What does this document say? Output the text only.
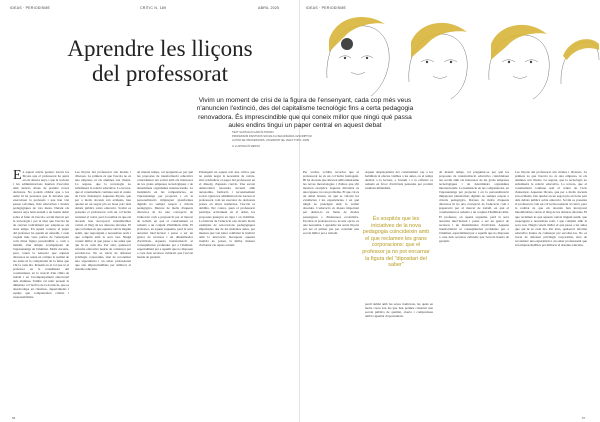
IDEAS · PERIODISME	CRÍTIC N. 189	ABRIL 2025	IDEAS · PERIODISME
Aprendre les lliçons
del professorat

Vivim un moment de crisi de la figura de l'ensenyant, cada cop més veus n'anuncien l'extinció, des del capitalisme tecnològic fins a certa pedagogia renovadora. És imprescindible que qui coneix millor que ningú què passa aules endins tingui un paper central en aquest debat

TEXT SANTIAGO GARCÍA TIRADO
PROFESSOR D'ESTUDIS SOCIALS A SECUNDÀRIA I ESCRIPTOR.
AUTOR DE 'PROFESSORS, UN ERROR' (EL VIEJO TOPO, 2025)
IL·LUSTRACIÓ MESSO

En aquest article pretenc tractar les lliçons que el professorat ha après en els darrers anys, i que la societat i les administracions haurien d'escoltar amb atenció abans de prendre noves decisions. No podem oblidar que a les aules hi ha persones que fa dècades que exerceixen la professió i que han vist passar reformes, lleis educatives i modes pedagògiques de tota mena. Durant els darrers anys hem assistit a un intens debat sobre el futur de l'escola, sovint marcat per la tecnologia i per la idea que l'escola ha de canviar radicalment per adaptar-se als nous temps. En aquest context, el paper del professor ha quedat en entredit, i cada vegada més veus parlen de l'ensenyant com d'una figura prescindible o, com a màxim, d'un simple acompanyant de l'aprenentatge de l'alumnat. Molts docents, però, tenen la sensació que aquests discursos no tenen en compte la realitat de les aules ni la complexitat de la feina que s'hi fa cada dia. Pensem en el rol que té el professor en la transmissió del coneixement, en la creació d'un clima de treball i en l'acompanyament emocional dels alumnes. També cal tenir present la dimensió col·lectiva de la docència, que es desenvolupa en claustres, departaments i equips que comparteixen criteris i responsabilitats.

Les lliçons del professorat són moltes i diverses. La primera és que l'escola no és una empresa, ni els alumnes són clients. La segona, que la tecnologia no substitueix la relació educativa. La tercera, que el coneixement continua sent el centre de l'acte d'ensenyar. Aquestes lliçons, que per a molts docents són evidents, han quedat en un segon pla en bona part dels debats públics sobre educació. Sovint es presenta el professorat com un col·lectiu resistent al canvi, però la realitat és que els docents han incorporat innombrables canvis al llarg de les darreres dècades. El que reclamen és que aquests canvis tinguin sentit, que responguin a necessitats reals i que comptin amb la seva veu. Ningú coneix millor el que passa a les aules que qui hi és cada dia. Per això, qualsevol reforma educativa hauria de començar per escoltar-los. No es tracta de defensar privilegis corporatius, sinó de reconèixer una experiència i un saber professional que són imprescindibles per millorar el sistema educatiu.

Al mateix temps, cal preguntar-se per què les propostes de transformació educativa coincideixen tan sovint amb els interessos de les grans empreses tecnològiques i de determinats organismes internacionals. La insistència en les competències, en l'aprenentatge per projectes i en la personalització mitjançant plataformes digitals no sempre respon a criteris pedagògics. Darrere de molts d'aquests discursos hi ha una concepció de l'educació com a preparació per al mercat de treball, en què el coneixement es redueix a un conjunt d'habilitats útils. El professor, en aquest esquema, perd la seva autoritat intel·lectual i passa a ser un gestor de recursos i un dinamitzador d'activitats. Aquesta transformació té conseqüències profundes per a l'alumnat, especialment per a aquells que no disposen a casa dels recursos culturals que l'escola hauria de garantir.

Plantegem en aquest text una crítica que no pretén negar la necessitat de canvis, sinó reivindicar el paper del professorat en el disseny d'aquests canvis. Una escola democràtica necessita docents amb autonomia, formació i reconeixement social. Quan les administracions tracten el professorat com un executor de decisions preses en altres instàncies, l'escola es debilita. Per contra, quan el professorat participa activament en el debat, les propostes guanyen en rigor i en viabilitat. La història de l'educació ens ofereix molts exemples de renovacions pedagògiques impulsades des de les mateixes aules, per mestres que van saber combinar la tradició amb la innovació. Recuperar aquesta tradició és, potser, la millor manera d'afrontar els reptes actuals.

Per acabar, voldria recordar que el professorat no és un col·lectiu homogeni. Hi ha docents que abracen amb entusiasme les noves metodologies i d'altres que s'hi mostren escèptics. Aquesta diversitat és una riquesa i no un problema. El que cal és un debat honest, en què es valorin les evidències i les experiències, i en què ningú no pretengui tenir la veritat absoluta. L'educació és massa important per deixar-la en mans de modes passatgeres o d'interessos econòmics. Escoltar el professorat no és una opció, és una necessitat, i aprendre les seves lliçons pot ser el primer pas per construir una escola millor per a tothom.

Aquest desplaçament del coneixement cap a les habilitats té efectes visibles a les aules, on el temps dedicat a la lectura, a l'estudi i a la reflexió es redueix en favor d'activitats pensades per produir resultats immediats.

És sospitós que les iniciatives de la nova pedagogia coincideixin amb el que reclamen les grans corporacions: que el professor ja no pot encarnar la figura del "dipositari del saber"

perdi també amb les seves tradicions, les quals en molts casos són les que han permès construir una escola pública de qualitat, oberta i compromesa amb la igualtat d'oportunitats.

Al mateix temps, cal preguntar-se per què les propostes de transformació educativa coincideixen tan sovint amb els interessos de les grans empreses tecnològiques i de determinats organismes internacionals. La insistència en les competències, en l'aprenentatge per projectes i en la personalització mitjançant plataformes digitals no sempre respon a criteris pedagògics. Darrere de molts d'aquests discursos hi ha una concepció de l'educació com a preparació per al mercat de treball, en què el coneixement es redueix a un conjunt d'habilitats útils. El professor, en aquest esquema, perd la seva autoritat intel·lectual i passa a ser un gestor de recursos i un dinamitzador d'activitats. Aquesta transformació té conseqüències profundes per a l'alumnat, especialment per a aquells que no disposen a casa dels recursos culturals que l'escola hauria de garantir.

Les lliçons del professorat són moltes i diverses. La primera és que l'escola no és una empresa, ni els alumnes són clients. La segona, que la tecnologia no substitueix la relació educativa. La tercera, que el coneixement continua sent el centre de l'acte d'ensenyar. Aquestes lliçons, que per a molts docents són evidents, han quedat en un segon pla en bona part dels debats públics sobre educació. Sovint es presenta el professorat com un col·lectiu resistent al canvi, però la realitat és que els docents han incorporat innombrables canvis al llarg de les darreres dècades. El que reclamen és que aquests canvis tinguin sentit, que responguin a necessitats reals i que comptin amb la seva veu. Ningú coneix millor el que passa a les aules que qui hi és cada dia. Per això, qualsevol reforma educativa hauria de començar per escoltar-los. No es tracta de defensar privilegis corporatius, sinó de reconèixer una experiència i un saber professional que són imprescindibles per millorar el sistema educatiu.

66	67
